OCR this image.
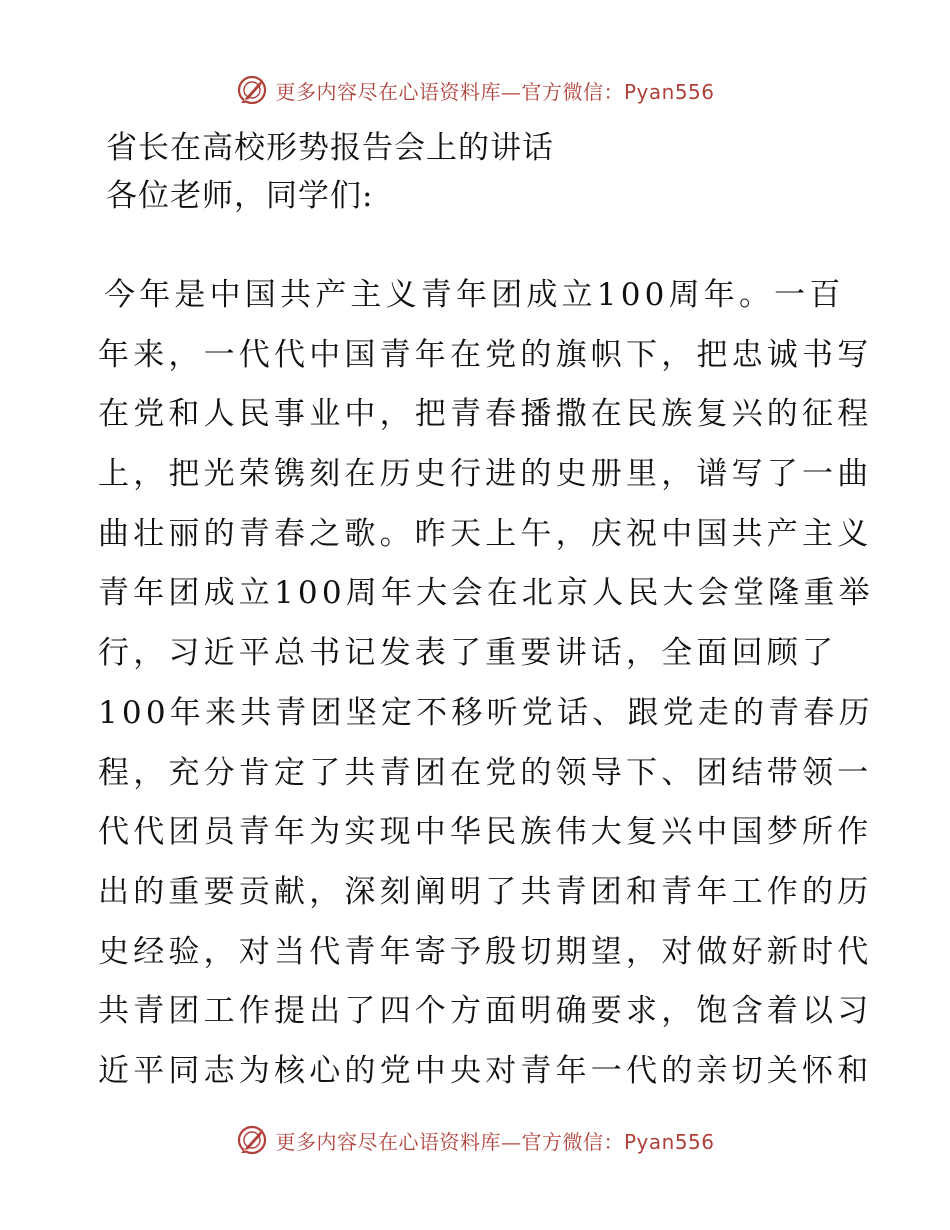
更多内容尽在心语资料库—官方微信：Pyan556
省长在高校形势报告会上的讲话
各位老师，同学们:
今年是中国共产主义青年团成立100周年。一百
年来，一代代中国青年在党的旗帜下，把忠诚书写
在党和人民事业中，把青春播撒在民族复兴的征程
上，把光荣镌刻在历史行进的史册里，谱写了一曲
曲壮丽的青春之歌。昨天上午，庆祝中国共产主义
青年团成立100周年大会在北京人民大会堂隆重举
行，习近平总书记发表了重要讲话，全面回顾了
100年来共青团坚定不移听党话、跟党走的青春历
程，充分肯定了共青团在党的领导下、团结带领一
代代团员青年为实现中华民族伟大复兴中国梦所作
出的重要贡献，深刻阐明了共青团和青年工作的历
史经验，对当代青年寄予殷切期望，对做好新时代
共青团工作提出了四个方面明确要求，饱含着以习
近平同志为核心的党中央对青年一代的亲切关怀和
更多内容尽在心语资料库—官方微信：Pyan556
